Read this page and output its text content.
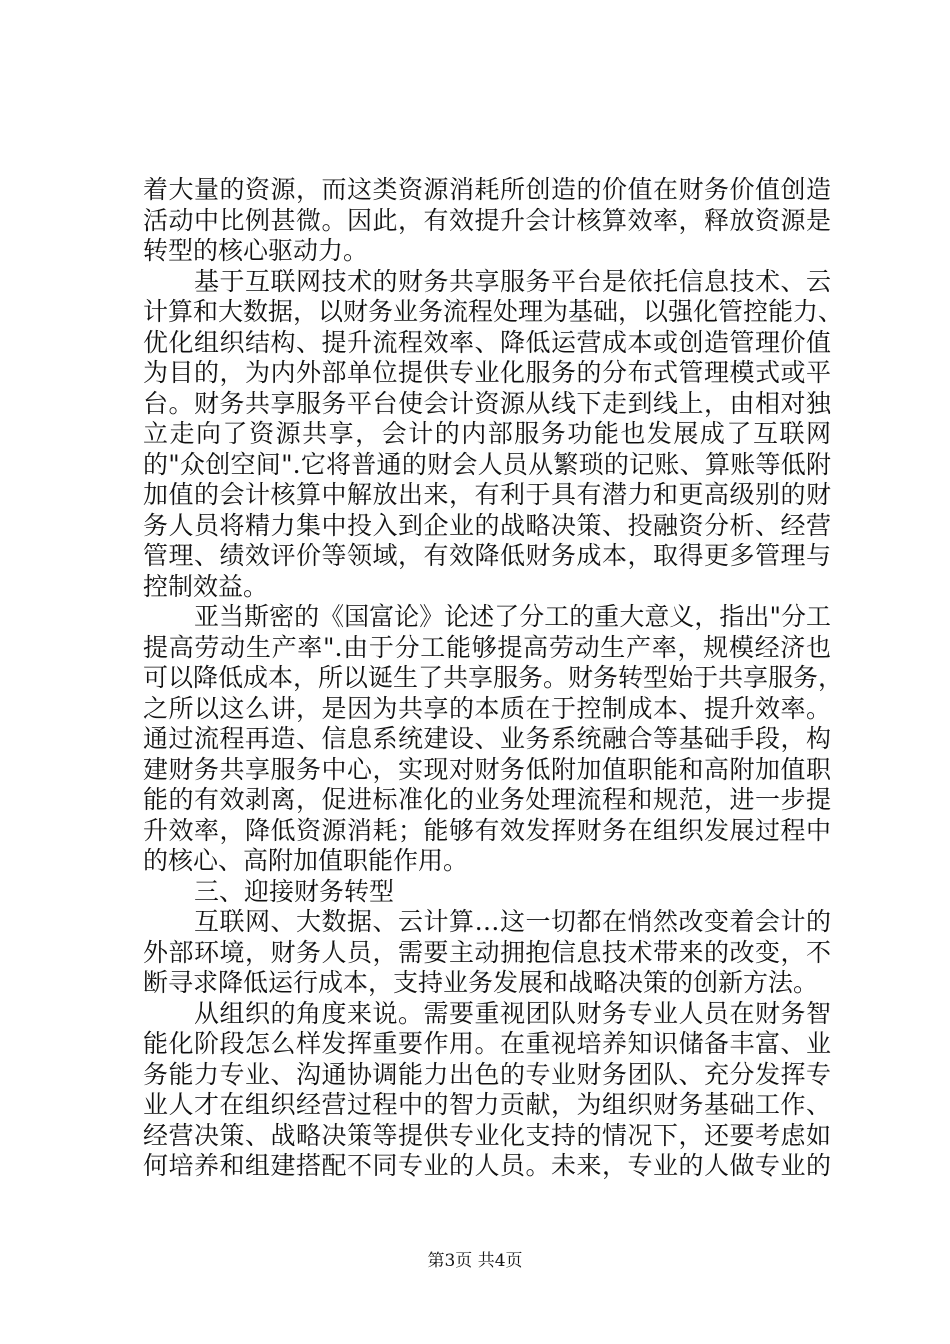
着大量的资源，而这类资源消耗所创造的价值在财务价值创造
活动中比例甚微。因此，有效提升会计核算效率，释放资源是
转型的核心驱动力。
基于互联网技术的财务共享服务平台是依托信息技术、云
计算和大数据，以财务业务流程处理为基础，以强化管控能力、
优化组织结构、提升流程效率、降低运营成本或创造管理价值
为目的，为内外部单位提供专业化服务的分布式管理模式或平
台。财务共享服务平台使会计资源从线下走到线上，由相对独
立走向了资源共享，会计的内部服务功能也发展成了互联网
的"众创空间".它将普通的财会人员从繁琐的记账、算账等低附
加值的会计核算中解放出来，有利于具有潜力和更高级别的财
务人员将精力集中投入到企业的战略决策、投融资分析、经营
管理、绩效评价等领域，有效降低财务成本，取得更多管理与
控制效益。
亚当斯密的《国富论》论述了分工的重大意义，指出"分工
提高劳动生产率".由于分工能够提高劳动生产率，规模经济也
可以降低成本，所以诞生了共享服务。财务转型始于共享服务，
之所以这么讲，是因为共享的本质在于控制成本、提升效率。
通过流程再造、信息系统建设、业务系统融合等基础手段，构
建财务共享服务中心，实现对财务低附加值职能和高附加值职
能的有效剥离，促进标准化的业务处理流程和规范，进一步提
升效率，降低资源消耗；能够有效发挥财务在组织发展过程中
的核心、高附加值职能作用。
三、迎接财务转型
互联网、大数据、云计算…这一切都在悄然改变着会计的
外部环境，财务人员，需要主动拥抱信息技术带来的改变，不
断寻求降低运行成本，支持业务发展和战略决策的创新方法。
从组织的角度来说。需要重视团队财务专业人员在财务智
能化阶段怎么样发挥重要作用。在重视培养知识储备丰富、业
务能力专业、沟通协调能力出色的专业财务团队、充分发挥专
业人才在组织经营过程中的智力贡献，为组织财务基础工作、
经营决策、战略决策等提供专业化支持的情况下，还要考虑如
何培养和组建搭配不同专业的人员。未来，专业的人做专业的
第3页 共4页
